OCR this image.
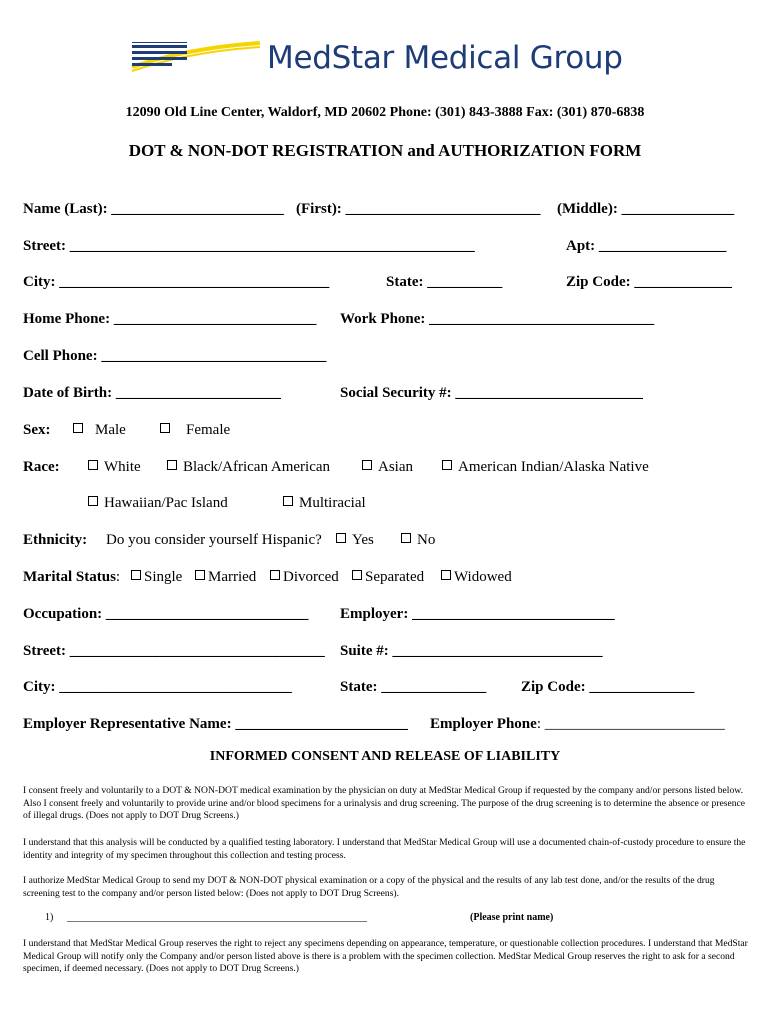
MedStar Medical Group
12090 Old Line Center, Waldorf, MD 20602 Phone: (301) 843-3888 Fax: (301) 870-6838
DOT & NON-DOT REGISTRATION and AUTHORIZATION FORM
Name (Last): _______________________ (First): __________________________ (Middle): _______________
Street: ______________________________________________________	Apt: _________________
City: ____________________________________	State: __________	Zip Code: _____________
Home Phone: ___________________________ Work Phone: ______________________________
Cell Phone: ______________________________
Date of Birth: ______________________	Social Security #: _________________________
Sex:	Male	Female
Race:	White	Black/African American	Asian	American Indian/Alaska Native
Hawaiian/Pac Island	Multiracial
Ethnicity: Do you consider yourself Hispanic?	Yes	No
Marital Status:	Single	Married	Divorced	Separated	Widowed
Occupation: ___________________________ Employer: ___________________________
Street: __________________________________ Suite #: ____________________________
City: _______________________________	State: ______________ Zip Code: ______________
Employer Representative Name: _______________________ Employer Phone: ________________________
INFORMED CONSENT AND RELEASE OF LIABILITY
I consent freely and voluntarily to a DOT & NON-DOT medical examination by the physician on duty at MedStar Medical Group if requested by the company and/or persons listed below. Also I consent freely and voluntarily to provide urine and/or blood specimens for a urinalysis and drug screening. The purpose of the drug screening is to determine the absence or presence of illegal drugs. (Does not apply to DOT Drug Screens.)
I understand that this analysis will be conducted by a qualified testing laboratory. I understand that MedStar Medical Group will use a documented chain-of-custody procedure to ensure the identity and integrity of my specimen throughout this collection and testing process.
I authorize MedStar Medical Group to send my DOT & NON-DOT physical examination or a copy of the physical and the results of any lab test done, and/or the results of the drug screening test to the company and/or person listed below: (Does not apply to DOT Drug Screens).
1) ____________________________________________________________	(Please print name)
I understand that MedStar Medical Group reserves the right to reject any specimens depending on appearance, temperature, or questionable collection procedures. I understand that MedStar Medical Group will notify only the Company and/or person listed above is there is a problem with the specimen collection. MedStar Medical Group reserves the right to ask for a second specimen, if deemed necessary. (Does not apply to DOT Drug Screens.)
